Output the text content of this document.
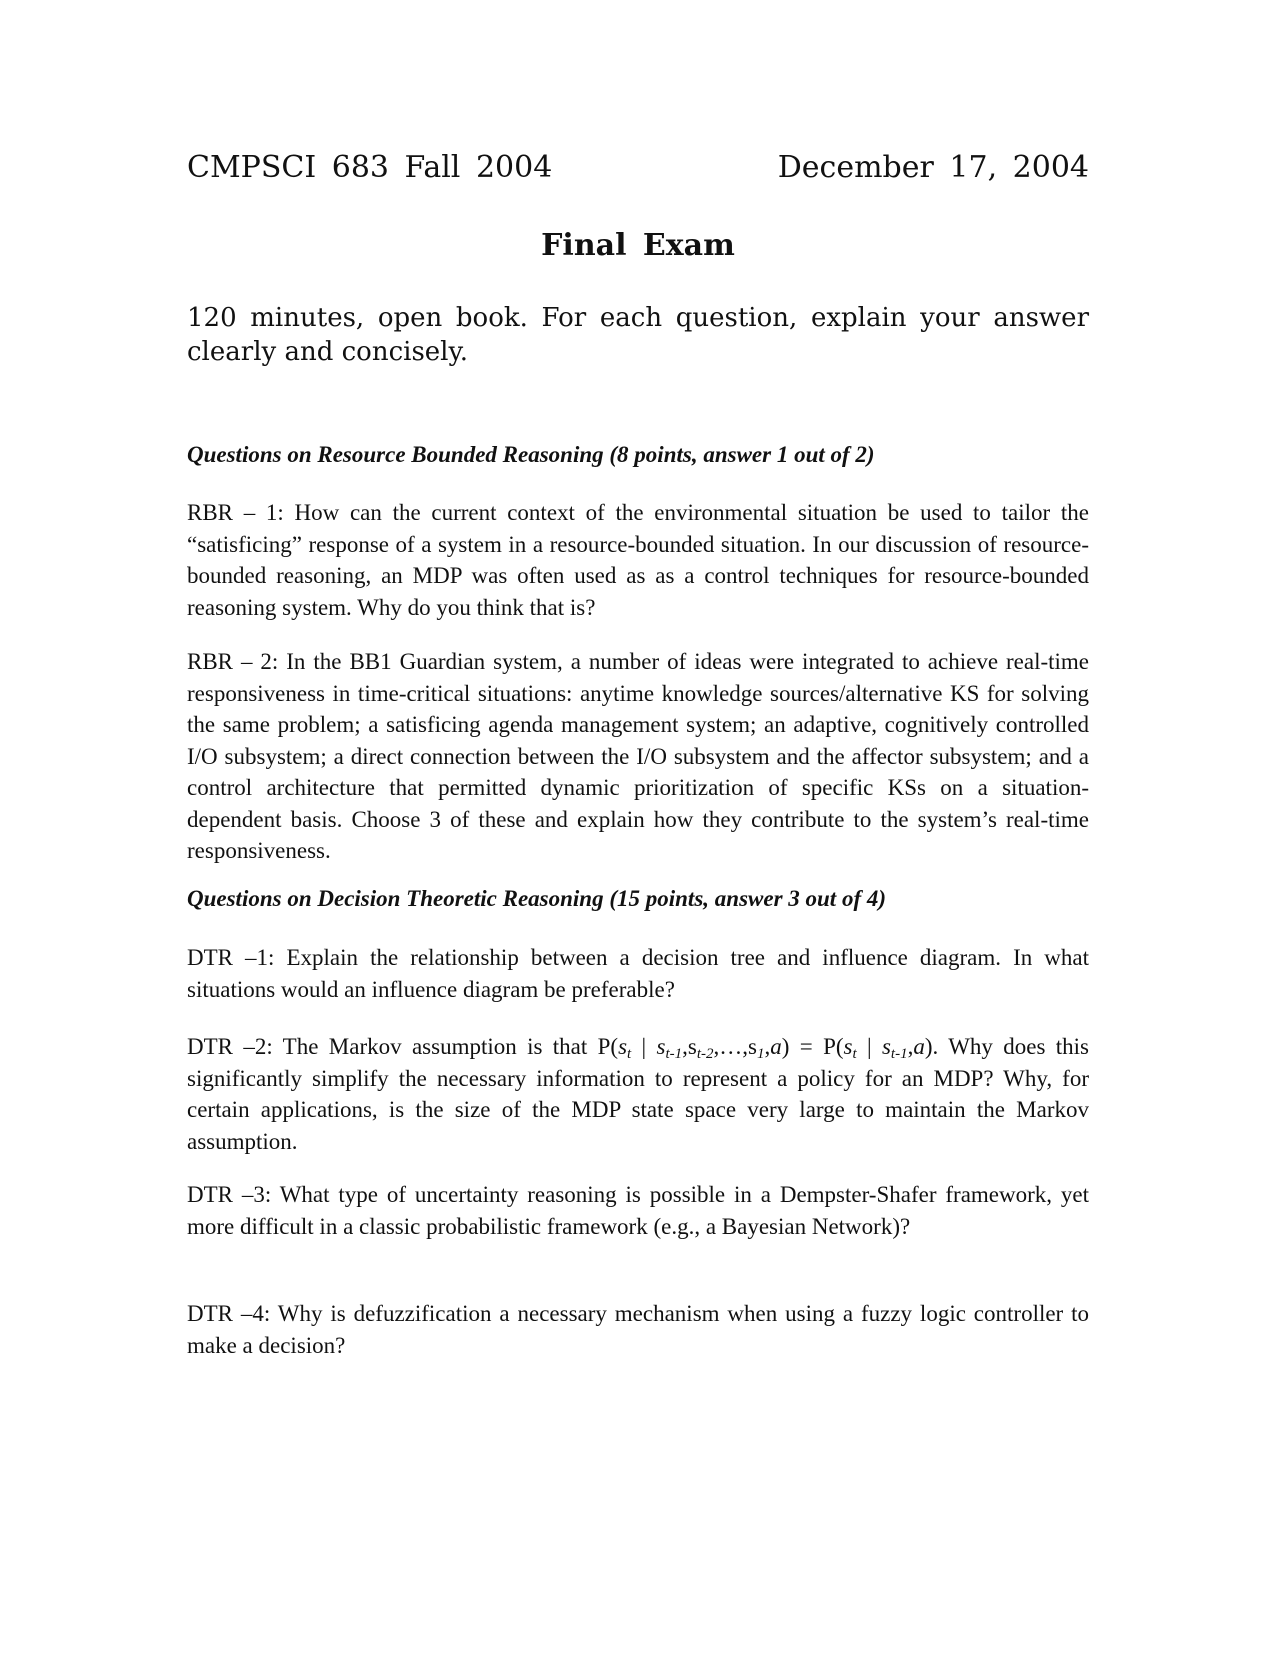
CMPSCI 683 Fall 2004	December 17, 2004
Final Exam
120 minutes, open book. For each question, explain your answer clearly and concisely.
Questions on Resource Bounded Reasoning (8 points, answer 1 out of 2)
RBR – 1: How can the current context of the environmental situation be used to tailor the “satisficing” response of a system in a resource-bounded situation. In our discussion of resource-bounded reasoning, an MDP was often used as as a control techniques for resource-bounded reasoning system. Why do you think that is?
RBR – 2: In the BB1 Guardian system, a number of ideas were integrated to achieve real-time responsiveness in time-critical situations: anytime knowledge sources/alternative KS for solving the same problem; a satisficing agenda management system; an adaptive, cognitively controlled I/O subsystem; a direct connection between the I/O subsystem and the affector subsystem; and a control architecture that permitted dynamic prioritization of specific KSs on a situation-dependent basis. Choose 3 of these and explain how they contribute to the system’s real-time responsiveness.
Questions on Decision Theoretic Reasoning (15 points, answer 3 out of 4)
DTR –1: Explain the relationship between a decision tree and influence diagram. In what situations would an influence diagram be preferable?
DTR –2: The Markov assumption is that $P(s_t$ | $s_{t-1},s_{t-2},\dots,s_1,a) = P(s_t$ | $s_{t-1},a$). Why does this significantly simplify the necessary information to represent a policy for an MDP? Why, for certain applications, is the size of the MDP state space very large to maintain the Markov assumption.
DTR –3: What type of uncertainty reasoning is possible in a Dempster-Shafer framework, yet more difficult in a classic probabilistic framework (e.g., a Bayesian Network)?
DTR –4: Why is defuzzification a necessary mechanism when using a fuzzy logic controller to make a decision?
